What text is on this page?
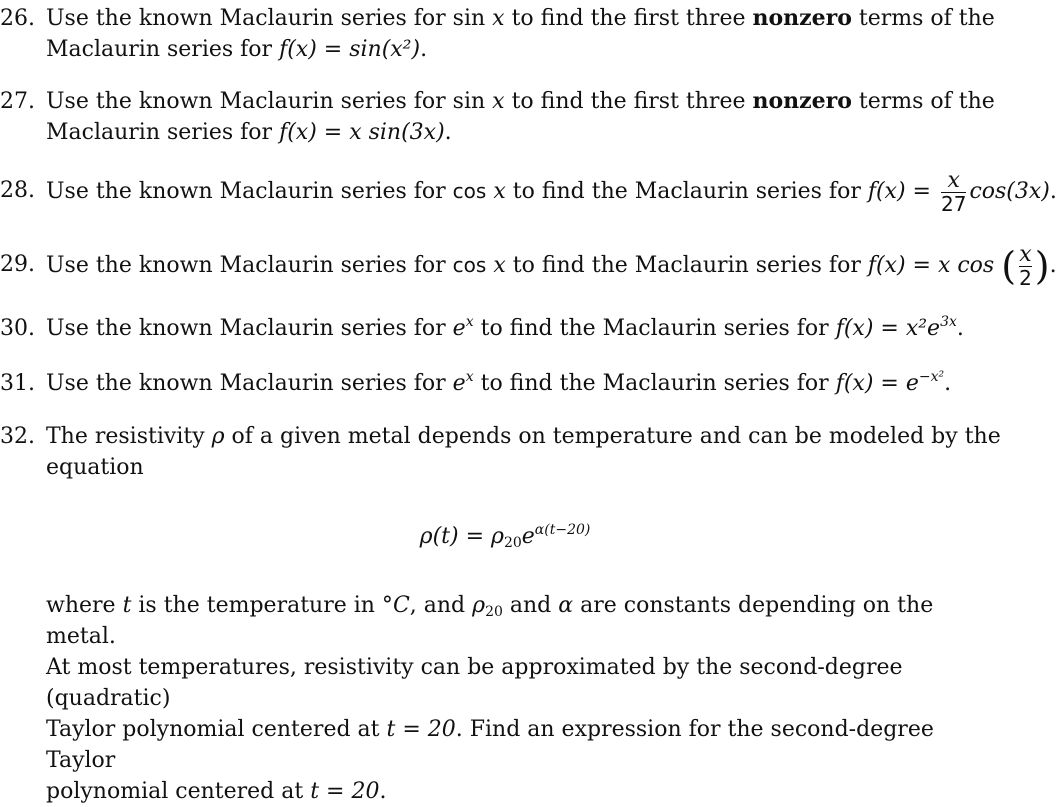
26. Use the known Maclaurin series for sin x to find the first three nonzero terms of the
Maclaurin series for f(x) = sin(x²).
27. Use the known Maclaurin series for sin x to find the first three nonzero terms of the
Maclaurin series for f(x) = x sin(3x).
28. Use the known Maclaurin series for cos x to find the Maclaurin series for $f(x) = \frac{x}{27} \cos(3x)$.
29. Use the known Maclaurin series for cos x to find the Maclaurin series for f(x) = x cos ( $\frac{x}{2}$ ).
30. Use the known Maclaurin series for $e^x$ to find the Maclaurin series for $f(x) = x^2e^{3x}$.
31. Use the known Maclaurin series for $e^x$ to find the Maclaurin series for $f(x) = e^{-x^2}$.
32. The resistivity ρ of a given metal depends on temperature and can be modeled by the
equation
$\rho(t) = \rho_{20}e^{\alpha(t-20)}$
where t is the temperature in °C, and $\rho_{20}$ and α are constants depending on the metal.
At most temperatures, resistivity can be approximated by the second-degree (quadratic)
Taylor polynomial centered at t = 20. Find an expression for the second-degree Taylor
polynomial centered at t = 20.
